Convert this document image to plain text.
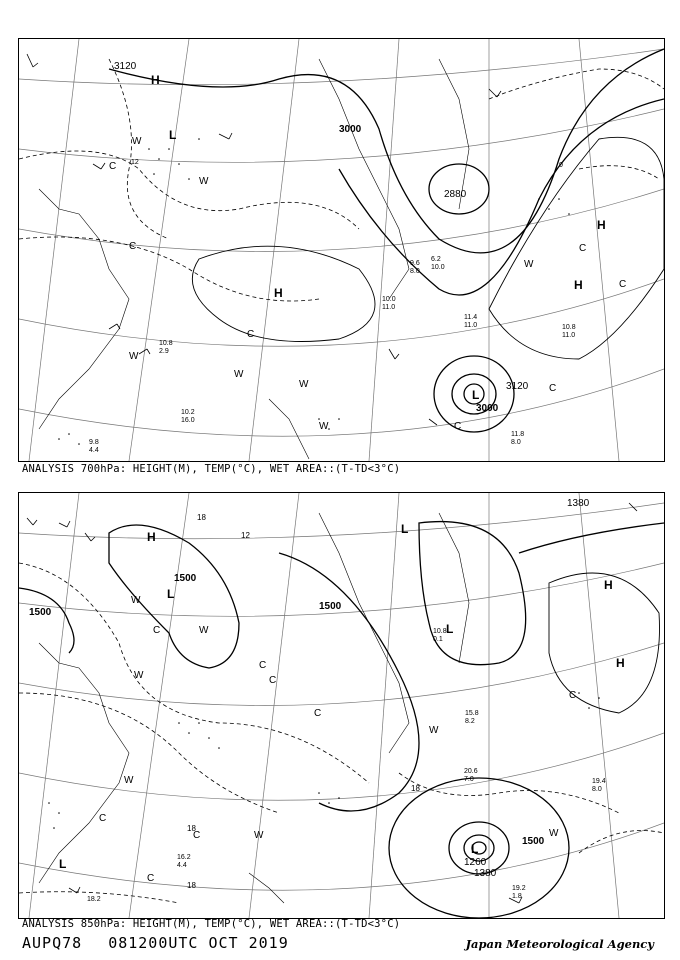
3120
3000
2880
3120
3000
H
L
H
H
H
L
W
C
W
C
W
C
W
W
C
C
W	C
C
W
12	0
10.0
11.0
11.4
11.0	10.8
11.0
11.8
8.0
10.2
16.0
9.8
4.4
10.8
2.9
6.2
10.0
9.6
8.0
ANALYSIS 700hPa: HEIGHT(M), TEMP(°C), WET AREA::(T-TD<3°C)
1500
1500
1380
1260
1380
1500
1500
H
L
L
L
H
H
L
L
W
C
C
W
C
W
C
W
C	W
C
C
W
C
W
18
12
18
18
18
20.6
7.0	19.4
8.0
19.2
1.8
15.8
8.2
10.8
0.1
16.2
4.4
18.2
ANALYSIS 850hPa: HEIGHT(M), TEMP(°C), WET AREA::(T-TD<3°C)
AUPQ78 081200UTC OCT 2019	Japan Meteorological Agency
